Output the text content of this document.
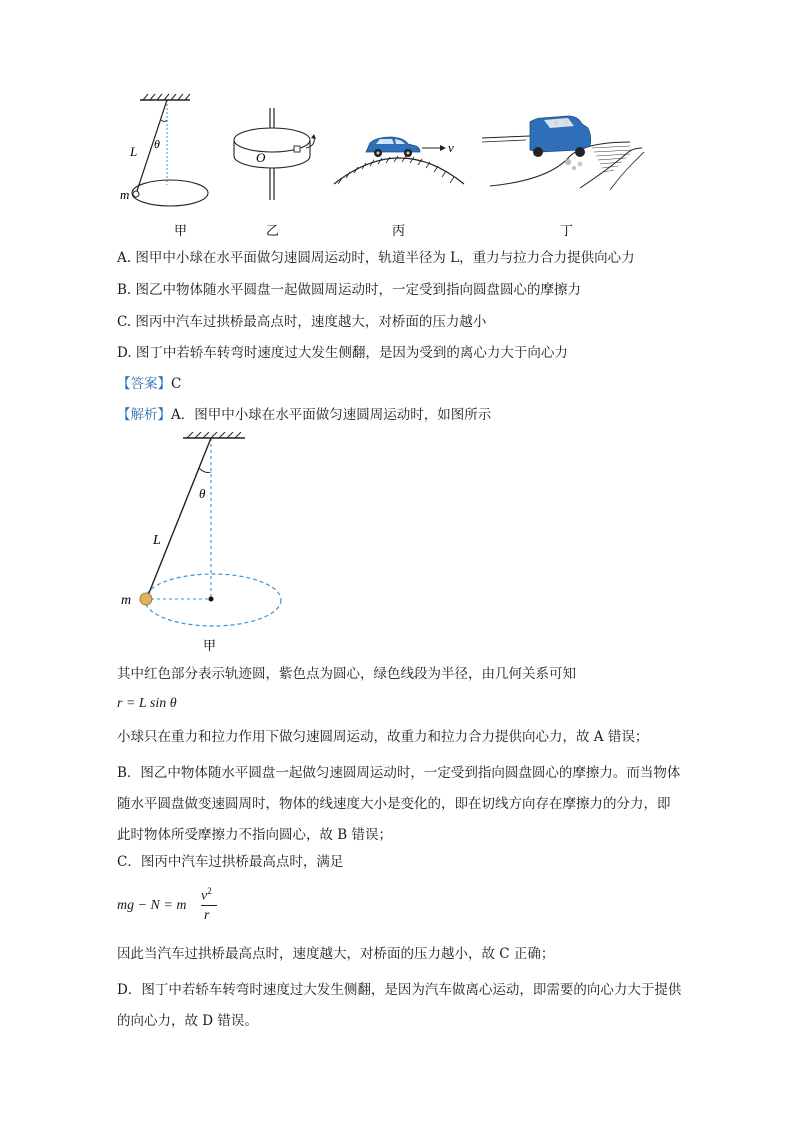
L θ
m
甲
O
乙
v
丙	丁
A. 图甲中小球在水平面做匀速圆周运动时，轨道半径为 L，重力与拉力合力提供向心力
B. 图乙中物体随水平圆盘一起做圆周运动时，一定受到指向圆盘圆心的摩擦力
C. 图丙中汽车过拱桥最高点时，速度越大，对桥面的压力越小
D. 图丁中若轿车转弯时速度过大发生侧翻，是因为受到的离心力大于向心力
【答案】C
【解析】A．图甲中小球在水平面做匀速圆周运动时，如图所示
θ
L
m
甲
其中红色部分表示轨迹圆，紫色点为圆心，绿色线段为半径，由几何关系可知
r = L sin θ
小球只在重力和拉力作用下做匀速圆周运动，故重力和拉力合力提供向心力，故 A 错误；
B．图乙中物体随水平圆盘一起做匀速圆周运动时，一定受到指向圆盘圆心的摩擦力。而当物体随水平圆盘做变速圆周时，物体的线速度大小是变化的，即在切线方向存在摩擦力的分力，即此时物体所受摩擦力不指向圆心，故 B 错误；
C．图丙中汽车过拱桥最高点时，满足
mg − N = m
$v^2$
r
因此当汽车过拱桥最高点时，速度越大，对桥面的压力越小，故 C 正确；
D．图丁中若轿车转弯时速度过大发生侧翻，是因为汽车做离心运动，即需要的向心力大于提供的向心力，故 D 错误。
